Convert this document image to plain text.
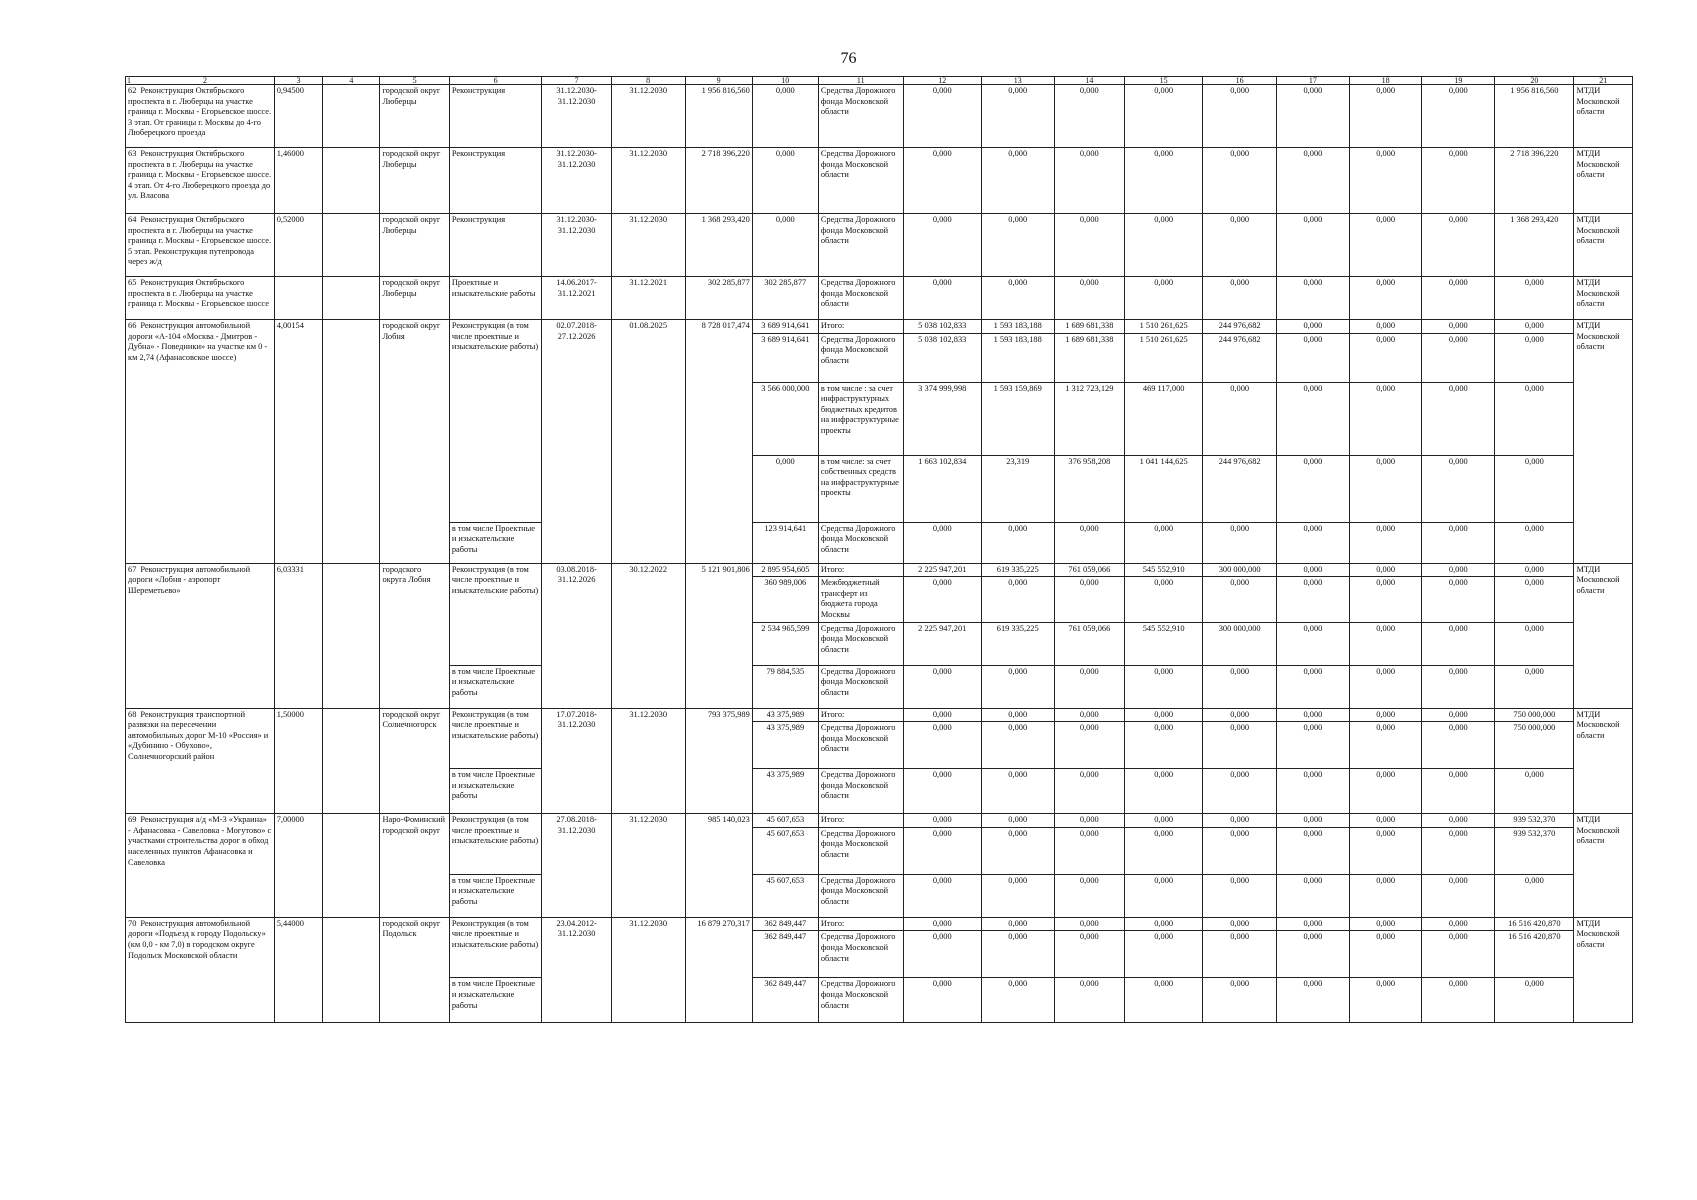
76
1 2	3	4	5	6	7	8	9	10	11	12	13	14	15	16	17	18	19	20	21
62 Реконструкция Октябрьского проспекта в г. Люберцы на участке граница г. Москвы - Егорьевское шоссе. 3 этап. От границы г. Москвы до 4-го Люберецкого проезда	0,94500		городской округ Люберцы	Реконструкция	31.12.2030-31.12.2030	31.12.2030	1 956 816,560	0,000	Средства Дорожного фонда Московской области	0,000	0,000	0,000	0,000	0,000	0,000	0,000	0,000	1 956 816,560	МТДИ Московской области
63 Реконструкция Октябрьского проспекта в г. Люберцы на участке граница г. Москвы - Егорьевское шоссе. 4 этап. От 4-го Люберецкого проезда до ул. Власова	1,46000		городской округ Люберцы	Реконструкция	31.12.2030-31.12.2030	31.12.2030	2 718 396,220	0,000	Средства Дорожного фонда Московской области	0,000	0,000	0,000	0,000	0,000	0,000	0,000	0,000	2 718 396,220	МТДИ Московской области
64 Реконструкция Октябрьского проспекта в г. Люберцы на участке граница г. Москвы - Егорьевское шоссе. 5 этап. Реконструкция путепровода через ж/д	0,52000		городской округ Люберцы	Реконструкция	31.12.2030-31.12.2030	31.12.2030	1 368 293,420	0,000	Средства Дорожного фонда Московской области	0,000	0,000	0,000	0,000	0,000	0,000	0,000	0,000	1 368 293,420	МТДИ Московской области
65 Реконструкция Октябрьского проспекта в г. Люберцы на участке граница г. Москвы - Егорьевское шоссе			городской округ Люберцы	Проектные и изыскательские работы	14.06.2017-31.12.2021	31.12.2021	302 285,877	302 285,877	Средства Дорожного фонда Московской области	0,000	0,000	0,000	0,000	0,000	0,000	0,000	0,000	0,000	МТДИ Московской области
66 Реконструкция автомобильной дороги «А-104 «Москва - Дмитров - Дубна» - Поведники» на участке км 0 - км 2,74 (Афанасовское шоссе)	4,00154		городской округ Лобня	Реконструкция (в том числе проектные и изыскательские работы)	02.07.2018-27.12.2026	01.08.2025	8 728 017,474	3 689 914,641	Итого:	5 038 102,833	1 593 183,188	1 689 681,338	1 510 261,625	244 976,682	0,000	0,000	0,000	0,000	МТДИ Московской области
								3 689 914,641	Средства Дорожного фонда Московской области	5 038 102,833	1 593 183,188	1 689 681,338	1 510 261,625	244 976,682	0,000	0,000	0,000	0,000	
								3 566 000,000	в том числе : за счет инфраструктурных бюджетных кредитов на инфраструктурные проекты	3 374 999,998	1 593 159,869	1 312 723,129	469 117,000	0,000	0,000	0,000	0,000	0,000	
								0,000	в том числе: за счет собственных средств на инфраструктурные проекты	1 663 102,834	23,319	376 958,208	1 041 144,625	244 976,682	0,000	0,000	0,000	0,000	
				в том числе Проектные и изыскательские работы				123 914,641	Средства Дорожного фонда Московской области	0,000	0,000	0,000	0,000	0,000	0,000	0,000	0,000	0,000	
67 Реконструкция автомобильной дороги «Лобня - аэропорт Шереметьево»	6,03331		городского округа Лобня	Реконструкция (в том числе проектные и изыскательские работы)	03.08.2018-31.12.2026	30.12.2022	5 121 901,806	2 895 954,605	Итого:	2 225 947,201	619 335,225	761 059,066	545 552,910	300 000,000	0,000	0,000	0,000	0,000	МТДИ Московской области
								360 989,006	Межбюджетный трансферт из бюджета города Москвы	0,000	0,000	0,000	0,000	0,000	0,000	0,000	0,000	0,000	
								2 534 965,599	Средства Дорожного фонда Московской области	2 225 947,201	619 335,225	761 059,066	545 552,910	300 000,000	0,000	0,000	0,000	0,000	
				в том числе Проектные и изыскательские работы				79 884,535	Средства Дорожного фонда Московской области	0,000	0,000	0,000	0,000	0,000	0,000	0,000	0,000	0,000	
68 Реконструкция транспортной развязки на пересечении автомобильных дорог М-10 «Россия» и «Дубинино - Обухово», Солнечногорский район	1,50000		городской округ Солнечногорск	Реконструкция (в том числе проектные и изыскательские работы)	17.07.2018-31.12.2030	31.12.2030	793 375,989	43 375,989	Итого:	0,000	0,000	0,000	0,000	0,000	0,000	0,000	0,000	750 000,000	МТДИ Московской области
								43 375,989	Средства Дорожного фонда Московской области	0,000	0,000	0,000	0,000	0,000	0,000	0,000	0,000	750 000,000	
				в том числе Проектные и изыскательские работы				43 375,989	Средства Дорожного фонда Московской области	0,000	0,000	0,000	0,000	0,000	0,000	0,000	0,000	0,000	
69 Реконструкция а/д «М-3 «Украина» - Афанасовка - Савеловка - Могутово» с участками строительства дорог в обход населенных пунктов Афанасовка и Савеловка	7,00000		Наро-Фоминский городской округ	Реконструкция (в том числе проектные и изыскательские работы)	27.08.2018-31.12.2030	31.12.2030	985 140,023	45 607,653	Итого:	0,000	0,000	0,000	0,000	0,000	0,000	0,000	0,000	939 532,370	МТДИ Московской области
								45 607,653	Средства Дорожного фонда Московской области	0,000	0,000	0,000	0,000	0,000	0,000	0,000	0,000	939 532,370	
				в том числе Проектные и изыскательские работы				45 607,653	Средства Дорожного фонда Московской области	0,000	0,000	0,000	0,000	0,000	0,000	0,000	0,000	0,000	
70 Реконструкция автомобильной дороги «Подъезд к городу Подольску» (км 0,0 - км 7,0) в городском округе Подольск Московской области	5,44000		городской округ Подольск	Реконструкция (в том числе проектные и изыскательские работы)	23.04.2012-31.12.2030	31.12.2030	16 879 270,317	362 849,447	Итого:	0,000	0,000	0,000	0,000	0,000	0,000	0,000	0,000	16 516 420,870	МТДИ Московской области
								362 849,447	Средства Дорожного фонда Московской области	0,000	0,000	0,000	0,000	0,000	0,000	0,000	0,000	16 516 420,870	
				в том числе Проектные и изыскательские работы				362 849,447	Средства Дорожного фонда Московской области	0,000	0,000	0,000	0,000	0,000	0,000	0,000	0,000	0,000	
